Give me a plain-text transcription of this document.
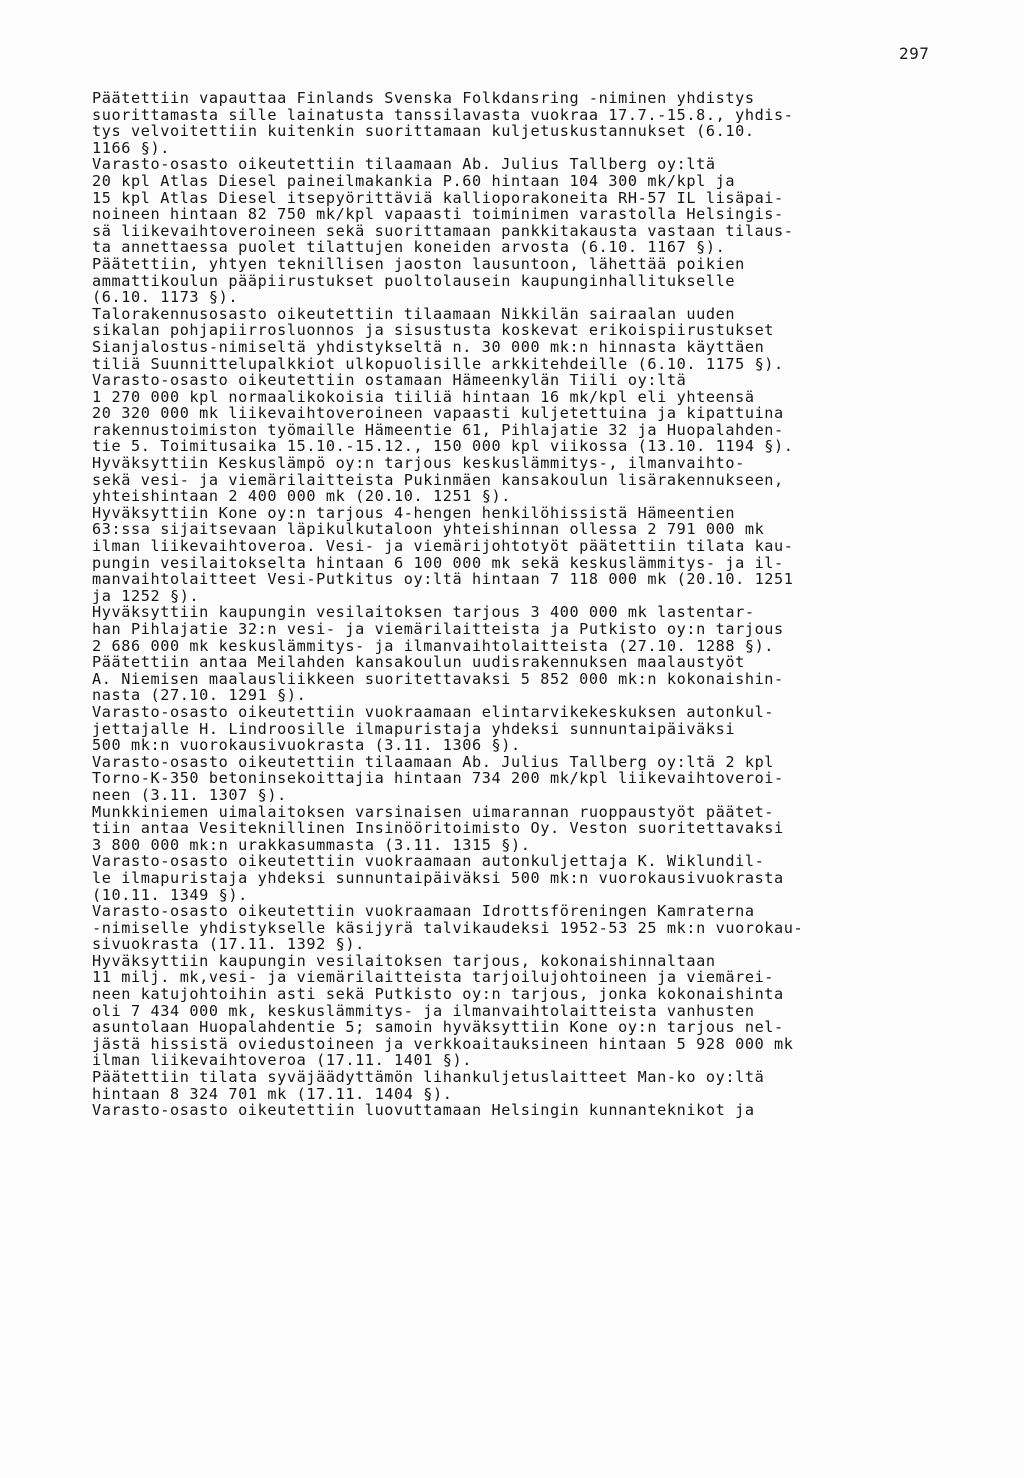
297
Päätettiin vapauttaa Finlands Svenska Folkdansring -niminen yhdistys
suorittamasta sille lainatusta tanssilavasta vuokraa 17.7.-15.8., yhdis-
tys velvoitettiin kuitenkin suorittamaan kuljetuskustannukset (6.10.
1166 §).
Varasto-osasto oikeutettiin tilaamaan Ab. Julius Tallberg oy:ltä
20 kpl Atlas Diesel paineilmakankia P.60 hintaan 104 300 mk/kpl ja
15 kpl Atlas Diesel itsepyörittäviä kallioporakoneita RH-57 IL lisäpai-
noineen hintaan 82 750 mk/kpl vapaasti toiminimen varastolla Helsingis-
sä liikevaihtoveroineen sekä suorittamaan pankkitakausta vastaan tilaus-
ta annettaessa puolet tilattujen koneiden arvosta (6.10. 1167 §).
Päätettiin, yhtyen teknillisen jaoston lausuntoon, lähettää poikien
ammattikoulun pääpiirustukset puoltolausein kaupunginhallitukselle
(6.10. 1173 §).
Talorakennusosasto oikeutettiin tilaamaan Nikkilän sairaalan uuden
sikalan pohjapiirrosluonnos ja sisustusta koskevat erikoispiirustukset
Sianjalostus-nimiseltä yhdistykseltä n. 30 000 mk:n hinnasta käyttäen
tiliä Suunnittelupalkkiot ulkopuolisille arkkitehdeille (6.10. 1175 §).
Varasto-osasto oikeutettiin ostamaan Hämeenkylän Tiili oy:ltä
1 270 000 kpl normaalikokoisia tiiliä hintaan 16 mk/kpl eli yhteensä
20 320 000 mk liikevaihtoveroineen vapaasti kuljetettuina ja kipattuina
rakennustoimiston työmaille Hämeentie 61, Pihlajatie 32 ja Huopalahden-
tie 5. Toimitusaika 15.10.-15.12., 150 000 kpl viikossa (13.10. 1194 §).
Hyväksyttiin Keskuslämpö oy:n tarjous keskuslämmitys-, ilmanvaihto-
sekä vesi- ja viemärilaitteista Pukinmäen kansakoulun lisärakennukseen,
yhteishintaan 2 400 000 mk (20.10. 1251 §).
Hyväksyttiin Kone oy:n tarjous 4-hengen henkilöhissistä Hämeentien
63:ssa sijaitsevaan läpikulkutaloon yhteishinnan ollessa 2 791 000 mk
ilman liikevaihtoveroa. Vesi- ja viemärijohtotyöt päätettiin tilata kau-
pungin vesilaitokselta hintaan 6 100 000 mk sekä keskuslämmitys- ja il-
manvaihtolaitteet Vesi-Putkitus oy:ltä hintaan 7 118 000 mk (20.10. 1251
ja 1252 §).
Hyväksyttiin kaupungin vesilaitoksen tarjous 3 400 000 mk lastentar-
han Pihlajatie 32:n vesi- ja viemärilaitteista ja Putkisto oy:n tarjous
2 686 000 mk keskuslämmitys- ja ilmanvaihtolaitteista (27.10. 1288 §).
Päätettiin antaa Meilahden kansakoulun uudisrakennuksen maalaustyöt
A. Niemisen maalausliikkeen suoritettavaksi 5 852 000 mk:n kokonaishin-
nasta (27.10. 1291 §).
Varasto-osasto oikeutettiin vuokraamaan elintarvikekeskuksen autonkul-
jettajalle H. Lindroosille ilmapuristaja yhdeksi sunnuntaipäiväksi
500 mk:n vuorokausivuokrasta (3.11. 1306 §).
Varasto-osasto oikeutettiin tilaamaan Ab. Julius Tallberg oy:ltä 2 kpl
Torno-K-350 betoninsekoittajia hintaan 734 200 mk/kpl liikevaihtoveroi-
neen (3.11. 1307 §).
Munkkiniemen uimalaitoksen varsinaisen uimarannan ruoppaustyöt päätet-
tiin antaa Vesiteknillinen Insinööritoimisto Oy. Veston suoritettavaksi
3 800 000 mk:n urakkasummasta (3.11. 1315 §).
Varasto-osasto oikeutettiin vuokraamaan autonkuljettaja K. Wiklundil-
le ilmapuristaja yhdeksi sunnuntaipäiväksi 500 mk:n vuorokausivuokrasta
(10.11. 1349 §).
Varasto-osasto oikeutettiin vuokraamaan Idrottsföreningen Kamraterna
-nimiselle yhdistykselle käsijyrä talvikaudeksi 1952-53 25 mk:n vuorokau-
sivuokrasta (17.11. 1392 §).
Hyväksyttiin kaupungin vesilaitoksen tarjous, kokonaishinnaltaan
11 milj. mk,vesi- ja viemärilaitteista tarjoilujohtoineen ja viemärei-
neen katujohtoihin asti sekä Putkisto oy:n tarjous, jonka kokonaishinta
oli 7 434 000 mk, keskuslämmitys- ja ilmanvaihtolaitteista vanhusten
asuntolaan Huopalahdentie 5; samoin hyväksyttiin Kone oy:n tarjous nel-
jästä hissistä oviedustoineen ja verkkoaitauksineen hintaan 5 928 000 mk
ilman liikevaihtoveroa (17.11. 1401 §).
Päätettiin tilata syväjäädyttämön lihankuljetuslaitteet Man-ko oy:ltä
hintaan 8 324 701 mk (17.11. 1404 §).
Varasto-osasto oikeutettiin luovuttamaan Helsingin kunnanteknikot ja
